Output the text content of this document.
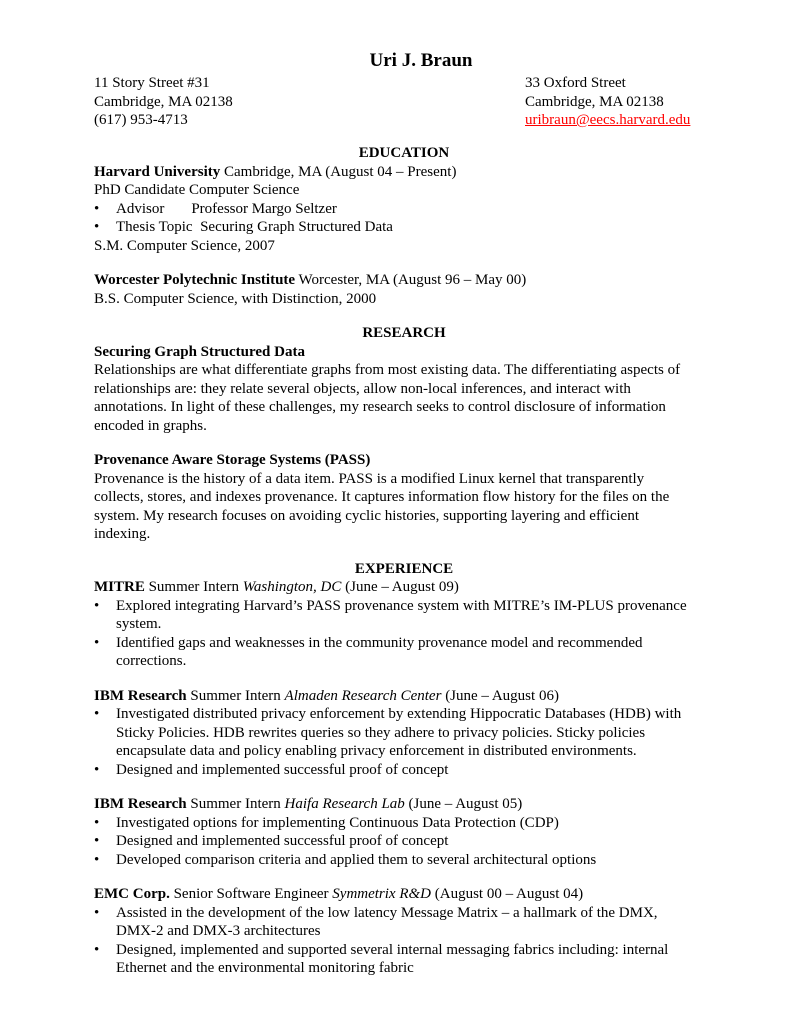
Uri J. Braun
11 Story Street #31
Cambridge, MA 02138
(617) 953-4713
33 Oxford Street
Cambridge, MA 02138
uribraun@eecs.harvard.edu
EDUCATION
Harvard University Cambridge, MA (August 04 – Present)
PhD Candidate Computer Science
• Advisor Professor Margo Seltzer
• Thesis Topic Securing Graph Structured Data
S.M. Computer Science, 2007
Worcester Polytechnic Institute Worcester, MA (August 96 – May 00)
B.S. Computer Science, with Distinction, 2000
RESEARCH
Securing Graph Structured Data
Relationships are what differentiate graphs from most existing data. The differentiating aspects of relationships are: they relate several objects, allow non-local inferences, and interact with annotations. In light of these challenges, my research seeks to control disclosure of information encoded in graphs.
Provenance Aware Storage Systems (PASS)
Provenance is the history of a data item. PASS is a modified Linux kernel that transparently collects, stores, and indexes provenance. It captures information flow history for the files on the system. My research focuses on avoiding cyclic histories, supporting layering and efficient indexing.
EXPERIENCE
MITRE Summer Intern Washington, DC (June – August 09)
• Explored integrating Harvard’s PASS provenance system with MITRE’s IM-PLUS provenance system.
• Identified gaps and weaknesses in the community provenance model and recommended corrections.
IBM Research Summer Intern Almaden Research Center (June – August 06)
• Investigated distributed privacy enforcement by extending Hippocratic Databases (HDB) with Sticky Policies. HDB rewrites queries so they adhere to privacy policies. Sticky policies encapsulate data and policy enabling privacy enforcement in distributed environments.
• Designed and implemented successful proof of concept
IBM Research Summer Intern Haifa Research Lab (June – August 05)
• Investigated options for implementing Continuous Data Protection (CDP)
• Designed and implemented successful proof of concept
• Developed comparison criteria and applied them to several architectural options
EMC Corp. Senior Software Engineer Symmetrix R&D (August 00 – August 04)
• Assisted in the development of the low latency Message Matrix – a hallmark of the DMX, DMX-2 and DMX-3 architectures
• Designed, implemented and supported several internal messaging fabrics including: internal Ethernet and the environmental monitoring fabric
